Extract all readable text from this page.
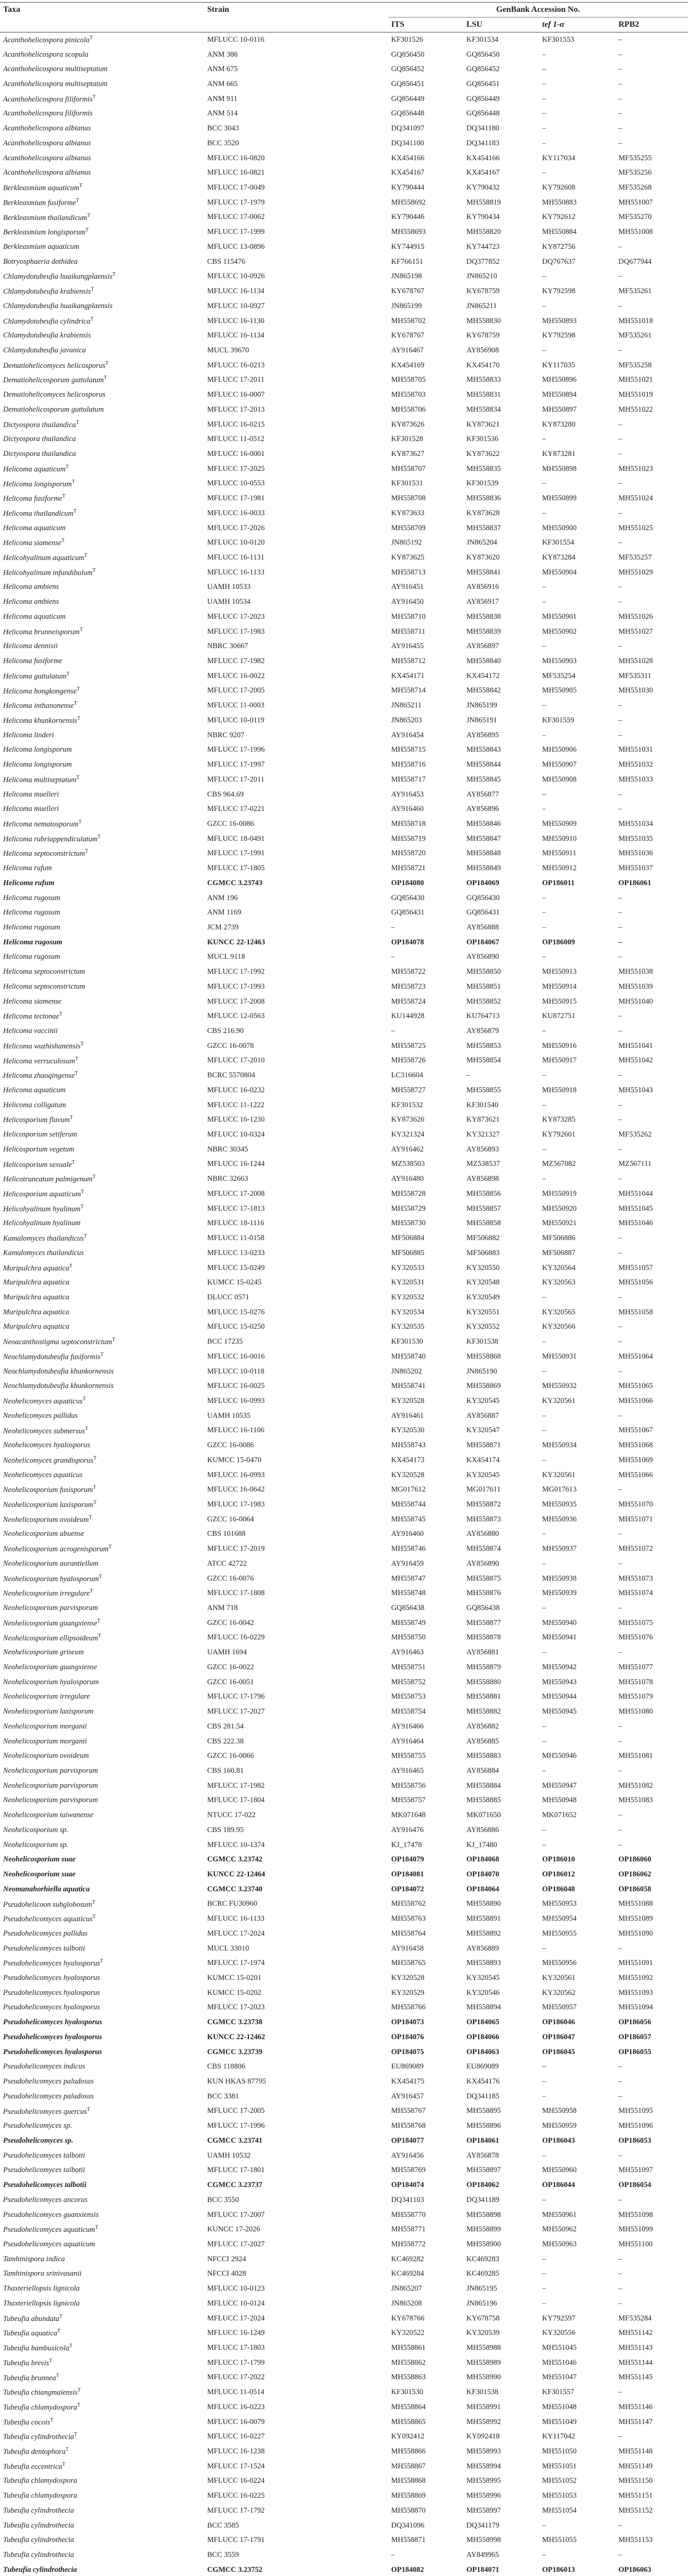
Taxa	Strain	GenBank Accession No.			
		ITS	LSU	tef 1-α	RPB2
Acanthohelicospora pinicola$^T$	MFLUCC 10-0116	KF301526	KF301534	KF301553	–
Acanthohelicospora scopula	ANM 386	GQ856450	GQ856450	–	–
Acanthohelicospora multiseptatum	ANM 675	GQ856452	GQ856452	–	–
Acanthohelicospora multiseptatum	ANM 665	GQ856451	GQ856451	–	–
Acanthohelicospora filiformis$^T$	ANM 911	GQ856449	GQ856449	–	–
Acanthohelicospora filiformis	ANM 514	GQ856448	GQ856448	–	–
Acanthohelicospora albianus	BCC 3043	DQ341097	DQ341180	–	–
Acanthohelicospora albianus	BCC 3520	DQ341100	DQ341183	–	–
Acanthohelicospora albianus	MFLUCC 16-0820	KX454166	KX454166	KY117034	MF535255
Acanthohelicospora albianus	MFLUCC 16-0821	KX454167	KX454167	–	MF535256
Berkleasmium aquaticum$^T$	MFLUCC 17-0049	KY790444	KY790432	KY792608	MF535268
Berkleasmium fusiforme$^T$	MFLUCC 17-1979	MH558692	MH558819	MH550883	MH551007
Berkleasmium thailandicum$^T$	MFLUCC 17-0062	KY790446	KY790434	KY792612	MF535270
Berkleasmium longisporum$^T$	MFLUCC 17-1999	MH558693	MH558820	MH550884	MH551008
Berkleasmium aquaticum	MFLUCC 13-0896	KY744915	KY744723	KY872756	–
Botryosphaeria dothidea	CBS 115476	KF766151	DQ377852	DQ767637	DQ677944
Chlamydotubeufia huaikangplaensis$^T$	MFLUCC 10-0926	JN865198	JN865210	–	–
Chlamydotubeufia krabiensis$^T$	MFLUCC 16-1134	KY678767	KY678759	KY792598	MF535261
Chlamydotubeufia huaikangplaensis	MFLUCC 10-0927	JN865199	JN865211	–	–
Chlamydotubeufia cylindrica$^T$	MFLUCC 16-1130	MH558702	MH558830	MH550893	MH551018
Chlamydotubeufia krabiensis	MFLUCC 16-1134	KY678767	KY678759	KY792598	MF535261
Chlamydotubeufia javanica	MUCL 39670	AY916467	AY856908	–	–
Dematiohelicomyces helicosporus$^T$	MFLUCC 16-0213	KX454169	KX454170	KY117035	MF535258
Dematiohelicosporum guttulatum$^T$	MFLUCC 17-2011	MH558705	MH558833	MH550896	MH551021
Dematiohelicomyces helicosporus	MFLUCC 16-0007	MH558703	MH558831	MH550894	MH551019
Dematiohelicosporum guttulatum	MFLUCC 17-2013	MH558706	MH558834	MH550897	MH551022
Dictyospora thailandica$^T$	MFLUCC 16-0215	KY873626	KY873621	KY873280	–
Dictyospora thailandica	MFLUCC 11-0512	KF301528	KF301536	–	–
Dictyospora thailandica	MFLUCC 16-0001	KY873627	KY873622	KY873281	–
Helicoma aquaticum$^T$	MFLUCC 17-2025	MH558707	MH558835	MH550898	MH551023
Helicoma longisporum$^T$	MFLUCC 10-0553	KF301531	KF301539	–	–
Helicoma fusiforme$^T$	MFLUCC 17-1981	MH558708	MH558836	MH550899	MH551024
Helicoma thailandicum$^T$	MFLUCC 16-0033	KY873633	KY873628	–	–
Helicoma aquaticum	MFLUCC 17-2026	MH558709	MH558837	MH550900	MH551025
Helicoma siamense$^T$	MFLUCC 10-0120	JN865192	JN865204	KF301554	–
Helicohyalinum aquaticum$^T$	MFLUCC 16-1131	KY873625	KY873620	KY873284	MF535257
Helicohyalinum infundibulum$^T$	MFLUCC 16-1133	MH558713	MH558841	MH550904	MH551029
Helicoma ambiens	UAMH 10533	AY916451	AY856916	–	–
Helicoma ambiens	UAMH 10534	AY916450	AY856917	–	–
Helicoma aquaticum	MFLUCC 17-2023	MH558710	MH558838	MH550901	MH551026
Helicoma brunneisporum$^T$	MFLUCC 17-1983	MH558711	MH558839	MH550902	MH551027
Helicoma dennisii	NBRC 30667	AY916455	AY856897	–	–
Helicoma fusiforme	MFLUCC 17-1982	MH558712	MH558840	MH550903	MH551028
Helicoma guttulatum$^T$	MFLUCC 16-0022	KX454171	KX454172	MF535254	MF535311
Helicoma hongkongense$^T$	MFLUCC 17-2005	MH558714	MH558842	MH550905	MH551030
Helicoma inthanonense$^T$	MFLUCC 11-0003	JN865211	JN865199	–	–
Helicoma khunkornensis$^T$	MFLUCC 10-0119	JN865203	JN865191	KF301559	–
Helicoma linderi	NBRC 9207	AY916454	AY856895	–	–
Helicoma longisporum	MFLUCC 17-1996	MH558715	MH558843	MH550906	MH551031
Helicoma longisporum	MFLUCC 17-1997	MH558716	MH558844	MH550907	MH551032
Helicoma multiseptatum$^T$	MFLUCC 17-2011	MH558717	MH558845	MH550908	MH551033
Helicoma muelleri	CBS 964.69	AY916453	AY856877	–	–
Helicoma muelleri	MFLUCC 17-0221	AY916460	AY856896	–	–
Helicoma nematosporum$^T$	GZCC 16-0086	MH558718	MH558846	MH550909	MH551034
Helicoma rubriappendiculatum$^T$	MFLUCC 18-0491	MH558719	MH558847	MH550910	MH551035
Helicoma septoconstrictum$^T$	MFLUCC 17-1991	MH558720	MH558848	MH550911	MH551036
Helicoma rufum	MFLUCC 17-1805	MH558721	MH558849	MH550912	MH551037
Helicoma rufum	CGMCC 3.23743	OP184080	OP184069	OP186011	OP186061
Helicoma rugosum	ANM 196	GQ856430	GQ856430	–	–
Helicoma rugosum	ANM 1169	GQ856431	GQ856431	–	–
Helicoma rugosum	JCM 2739	–	AY856888	–	–
Helicoma rugosum	KUNCC 22-12463	OP184078	OP184067	OP186009	–
Helicoma rugosum	MUCL 9118	–	AY856890	–	–
Helicoma septoconstrictum	MFLUCC 17-1992	MH558722	MH558850	MH550913	MH551038
Helicoma septoconstrictum	MFLUCC 17-1993	MH558723	MH558851	MH550914	MH551039
Helicoma siamense	MFLUCC 17-2008	MH558724	MH558852	MH550915	MH551040
Helicoma tectonae$^T$	MFLUCC 12-0563	KU144928	KU764713	KU872751	–
Helicoma vaccinii	CBS 216.90	–	AY856879	–	–
Helicoma wuzhishanensis$^T$	GZCC 16-0078	MH558725	MH558853	MH550916	MH551041
Helicoma verruculosum$^T$	MFLUCC 17-2010	MH558726	MH558854	MH550917	MH551042
Helicoma zhaoqingense$^T$	BCRC 5570804	LC316604	–	–	–
Helicoma aquaticum	MFLUCC 16-0232	MH558727	MH558855	MH550918	MH551043
Helicoma colligatum	MFLUCC 11-1222	KF301532	KF301540	–	–
Helicosporium flavum$^T$	MFLUCC 16-1230	KY873626	KY873621	KY873285	–
Helicosporium setiferum	MFLUCC 10-0324	KY321324	KY321327	KY792601	MF535262
Helicosporium vegetum	NBRC 30345	AY916462	AY856893	–	–
Helicosporium sexuale$^T$	MFLUCC 16-1244	MZ538503	MZ538537	MZ567082	MZ567111
Helicotruncatum palmigenum$^T$	NBRC 32663	AY916480	AY856898	–	–
Helicosporium aquaticum$^T$	MFLUCC 17-2008	MH558728	MH558856	MH550919	MH551044
Helicohyalinum hyalinum$^T$	MFLUCC 17-1813	MH558729	MH558857	MH550920	MH551045
Helicohyalinum hyalinum	MFLUCC 18-1116	MH558730	MH558858	MH550921	MH551046
Kamalomyces thailandicus$^T$	MFLUCC 11-0158	MF506884	MF506882	MF506886	–
Kamalomyces thailandicus	MFLUCC 13-0233	MF506885	MF506883	MF506887	–
Muripulchra aquatica$^T$	MFLUCC 15-0249	KY320533	KY320550	KY320564	MH551057
Muripulchra aquatica	KUMCC 15-0245	KY320531	KY320548	KY320563	MH551056
Muripulchra aquatica	DLUCC 0571	KY320532	KY320549	–	–
Muripulchra aquatica	MFLUCC 15-0276	KY320534	KY320551	KY320565	MH551058
Muripulchra aquatica	MFLUCC 15-0250	KY320535	KY320552	KY320566	–
Neoacanthostigma septoconstrictum$^T$	BCC 17235	KF301530	KF301538	–	–
Neochlamydotubeufia fusiformis$^T$	MFLUCC 16-0016	MH558740	MH558868	MH550931	MH551064
Neochlamydotubeufia khunkornensis	MFLUCC 10-0118	JN865202	JN865190	–	–
Neochlamydotubeufia khunkornensis	MFLUCC 16-0025	MH558741	MH558869	MH550932	MH551065
Neohelicomyces aquaticus$^T$	MFLUCC 16-0993	KY320528	KY320545	KY320561	MH551066
Neohelicomyces pallidus	UAMH 10535	AY916461	AY856887	–	–
Neohelicomyces submersus$^T$	MFLUCC 16-1106	KY320530	KY320547	–	MH551067
Neohelicomyces hyalosporus	GZCC 16-0086	MH558743	MH558871	MH550934	MH551068
Neohelicomyces grandisporus$^T$	KUMCC 15-0470	KX454173	KX454174	–	MH551069
Neohelicomyces aquaticus	MFLUCC 16-0993	KY320528	KY320545	KY320561	MH551066
Neohelicosporium fusisporum$^T$	MFLUCC 16-0642	MG017612	MG017611	MG017613	–
Neohelicosporium laxisporum$^T$	MFLUCC 17-1983	MH558744	MH558872	MH550935	MH551070
Neohelicosporium ovoideum$^T$	GZCC 16-0064	MH558745	MH558873	MH550936	MH551071
Neohelicosporium abuense	CBS 101688	AY916460	AY856880	–	–
Neohelicosporium acrogenisporum$^T$	MFLUCC 17-2019	MH558746	MH558874	MH550937	MH551072
Neohelicosporium aurantiellum	ATCC 42722	AY916459	AY856890	–	–
Neohelicosporium hyalosporum$^T$	GZCC 16-0076	MH558747	MH558875	MH550938	MH551073
Neohelicosporium irregulare$^T$	MFLUCC 17-1808	MH558748	MH558876	MH550939	MH551074
Neohelicosporium parvisporum	ANM 718	GQ856438	GQ856438	–	–
Neohelicosporium guangxiense$^T$	GZCC 16-0042	MH558749	MH558877	MH550940	MH551075
Neohelicosporium ellipsoideum$^T$	MFLUCC 16-0229	MH558750	MH558878	MH550941	MH551076
Neohelicosporium griseum	UAMH 1694	AY916463	AY856881	–	–
Neohelicosporium guangxiense	GZCC 16-0022	MH558751	MH558879	MH550942	MH551077
Neohelicosporium hyalosporum	GZCC 16-0051	MH558752	MH558880	MH550943	MH551078
Neohelicosporium irregulare	MFLUCC 17-1796	MH558753	MH558881	MH550944	MH551079
Neohelicosporium laxisporum	MFLUCC 17-2027	MH558754	MH558882	MH550945	MH551080
Neohelicosporium morganii	CBS 281.54	AY916466	AY856882	–	–
Neohelicosporium morganii	CBS 222.38	AY916464	AY856885	–	–
Neohelicosporium ovoideum	GZCC 16-0066	MH558755	MH558883	MH550946	MH551081
Neohelicosporium parvisporum	CBS 160.81	AY916465	AY856884	–	–
Neohelicosporium parvisporum	MFLUCC 17-1982	MH558756	MH558884	MH550947	MH551082
Neohelicosporium parvisporum	MFLUCC 17-1804	MH558757	MH558885	MH550948	MH551083
Neohelicosporium taiwanense	NTUCC 17-022	MK071648	MK071650	MK071652	–
Neohelicosporium sp.	CBS 189.95	AY916476	AY856886	–	–
Neohelicosporium sp.	MFLUCC 10-1374	KJ_17478	KJ_17480	–	–
Neohelicosporium suae	CGMCC 3.23742	OP184079	OP184068	OP186010	OP186060
Neohelicosporium suae	KUNCC 22-12464	OP184081	OP184070	OP186012	OP186062
Neomanahorhiella aquatica	CGMCC 3.23740	OP184072	OP184064	OP186048	OP186058
Pseudohelicoon subglobosum$^T$	BCRC FU30960	MH558762	MH558890	MH550953	MH551088
Pseudohelicomyces aquaticus$^T$	MFLUCC 16-1133	MH558763	MH558891	MH550954	MH551089
Pseudohelicomyces pallidus	MFLUCC 17-2024	MH558764	MH558892	MH550955	MH551090
Pseudohelicomyces talbotii	MUCL 33010	AY916458	AY856889	–	–
Pseudohelicomyces hyalosporus$^T$	MFLUCC 17-1974	MH558765	MH558893	MH550956	MH551091
Pseudohelicomyces hyalosporus	KUMCC 15-0201	KY320528	KY320545	KY320561	MH551092
Pseudohelicomyces hyalosporus	KUMCC 15-0202	KY320529	KY320546	KY320562	MH551093
Pseudohelicomyces hyalosporus	MFLUCC 17-2023	MH558766	MH558894	MH550957	MH551094
Pseudohelicomyces hyalosporus	CGMCC 3.23738	OP184073	OP184065	OP186046	OP186056
Pseudohelicomyces hyalosporus	KUNCC 22-12462	OP184076	OP184066	OP186047	OP186057
Pseudohelicomyces hyalosporus	CGMCC 3.23739	OP184075	OP184063	OP186045	OP186055
Pseudohelicomyces indicus	CBS 118806	EU869089	EU869089	–	–
Pseudohelicomyces paludosus	KUN HKAS 87795	KX454175	KX454176	–	–
Pseudohelicomyces paludosus	BCC 3381	AY916457	DQ341185	–	–
Pseudohelicomyces quercus$^T$	MFLUCC 17-2005	MH558767	MH558895	MH550958	MH551095
Pseudohelicomyces sp.	MFLUCC 17-1996	MH558768	MH558896	MH550959	MH551096
Pseudohelicomyces sp.	CGMCC 3.23741	OP184077	OP184061	OP186043	OP186053
Pseudohelicomyces talbotii	UAMH 10532	AY916456	AY856878	–	–
Pseudohelicomyces talbotii	MFLUCC 17-1801	MH558769	MH558897	MH550960	MH551097
Pseudohelicomyces talbotii	CGMCC 3.23737	OP184074	OP184062	OP186044	OP186054
Pseudohelicomyces ancorus	BCC 3550	DQ341103	DQ341189	–	–
Pseudohelicomyces guanxiensis	MFLUCC 17-2007	MH558770	MH558898	MH550961	MH551098
Pseudohelicomyces aquaticum$^T$	KUNCC 17-2026	MH558771	MH558899	MH550962	MH551099
Pseudohelicomyces aquaticum	MFLUCC 17-2027	MH558772	MH558900	MH550963	MH551100
Tamhinispora indica	NFCCI 2924	KC469282	KC469283	–	–
Tamhinispora srinivasanii	NFCCI 4028	KC469284	KC469285	–	–
Thaxteriellopsis lignicola	MFLUCC 10-0123	JN865207	JN865195	–	–
Thaxteriellopsis lignicola	MFLUCC 10-0124	JN865208	JN865196	–	–
Tubeufia abundata$^T$	MFLUCC 17-2024	KY678766	KY678758	KY792597	MF535284
Tubeufia aquatica$^T$	MFLUCC 16-1249	KY320522	KY320539	KY320556	MH551142
Tubeufia bambusicola$^T$	MFLUCC 17-1803	MH558861	MH558988	MH551045	MH551143
Tubeufia brevis$^T$	MFLUCC 17-1799	MH558862	MH558989	MH551046	MH551144
Tubeufia brunnea$^T$	MFLUCC 17-2022	MH558863	MH558990	MH551047	MH551145
Tubeufia chiangmaiensis$^T$	MFLUCC 11-0514	KF301530	KF301538	KF301557	–
Tubeufia chlamydospora$^T$	MFLUCC 16-0223	MH558864	MH558991	MH551048	MH551146
Tubeufia cocois$^T$	MFLUCC 16-0079	MH558865	MH558992	MH551049	MH551147
Tubeufia cylindrothecia$^T$	MFLUCC 16-0227	KY092412	KY092418	KY117042	–
Tubeufia dentophora$^T$	MFLUCC 16-1238	MH558866	MH558993	MH551050	MH551148
Tubeufia eccentrica$^T$	MFLUCC 17-1524	MH558867	MH558994	MH551051	MH551149
Tubeufia chlamydospora	MFLUCC 16-0224	MH558868	MH558995	MH551052	MH551150
Tubeufia chlamydospora	MFLUCC 16-0225	MH558869	MH558996	MH551053	MH551151
Tubeufia cylindrothecia	MFLUCC 17-1792	MH558870	MH558997	MH551054	MH551152
Tubeufia cylindrothecia	BCC 3585	DQ341096	DQ341179	–	–
Tubeufia cylindrothecia	MFLUCC 17-1791	MH558871	MH558998	MH551055	MH551153
Tubeufia cylindrothecia	BCC 3559	–	AY849965	–	–
Tubeufia cylindrothecia	CGMCC 3.23752	OP184082	OP184071	OP186013	OP186063
